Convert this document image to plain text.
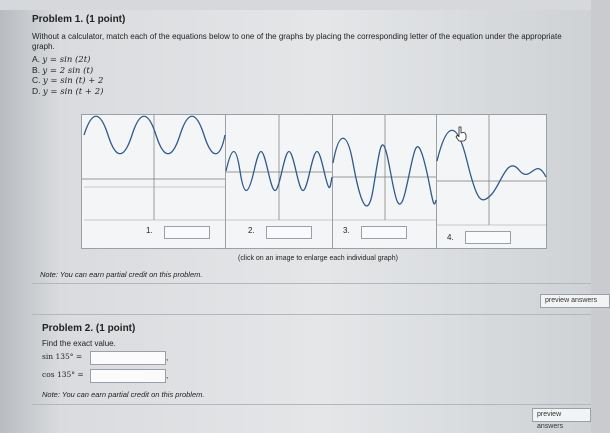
Problem 1. (1 point)
Without a calculator, match each of the equations below to one of the graphs by placing the corresponding letter of the equation under the appropriate graph.
A. y = sin (2t)
B. y = 2 sin (t)
C. y = sin (t) + 2
D. y = sin (t + 2)
1.	2.	3.
4.
(click on an image to enlarge each individual graph)
Note: You can earn partial credit on this problem.
preview answers
Problem 2. (1 point)
Find the exact value.
sin 135° =	,
cos 135° =	,
Note: You can earn partial credit on this problem.
preview answers
